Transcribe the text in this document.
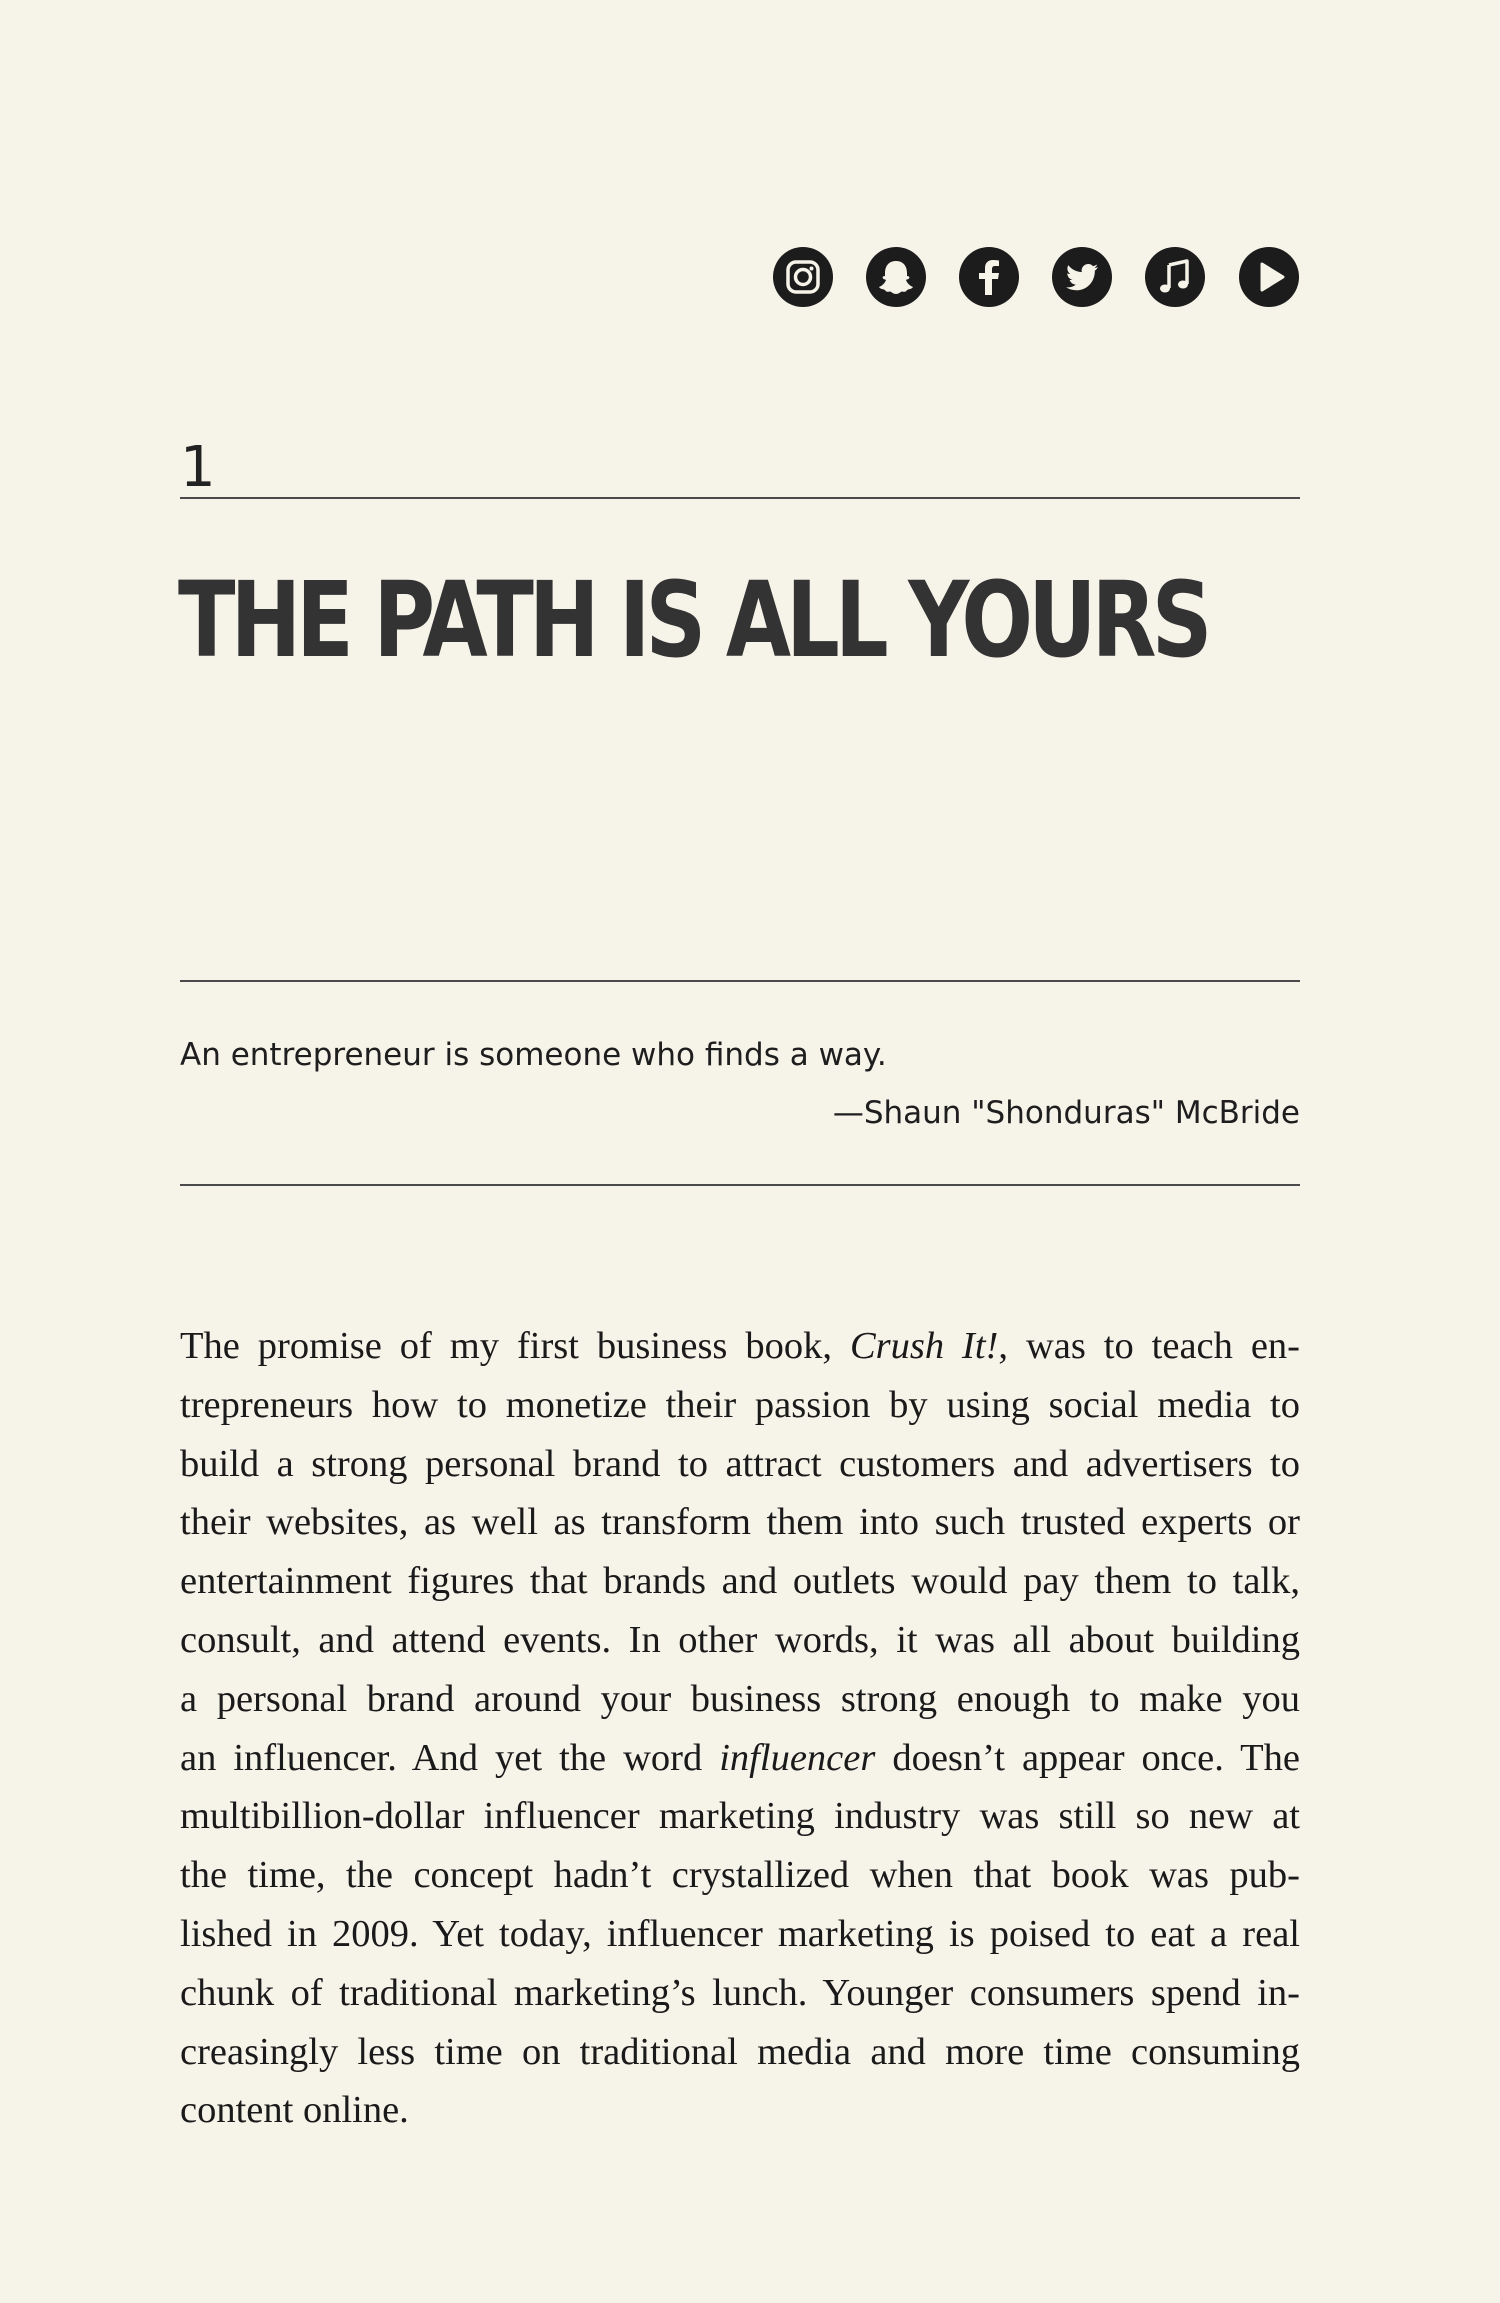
1
THE PATH IS ALL YOURS
An entrepreneur is someone who finds a way.
—Shaun "Shonduras" McBride
The promise of my first business book, Crush It!, was to teach en-
trepreneurs how to monetize their passion by using social media to
build a strong personal brand to attract customers and advertisers to
their websites, as well as transform them into such trusted experts or
entertainment figures that brands and outlets would pay them to talk,
consult, and attend events. In other words, it was all about building
a personal brand around your business strong enough to make you
an influencer. And yet the word influencer doesn’t appear once. The
multibillion-dollar influencer marketing industry was still so new at
the time, the concept hadn’t crystallized when that book was pub-
lished in 2009. Yet today, influencer marketing is poised to eat a real
chunk of traditional marketing’s lunch. Younger consumers spend in-
creasingly less time on traditional media and more time consuming
content online.
